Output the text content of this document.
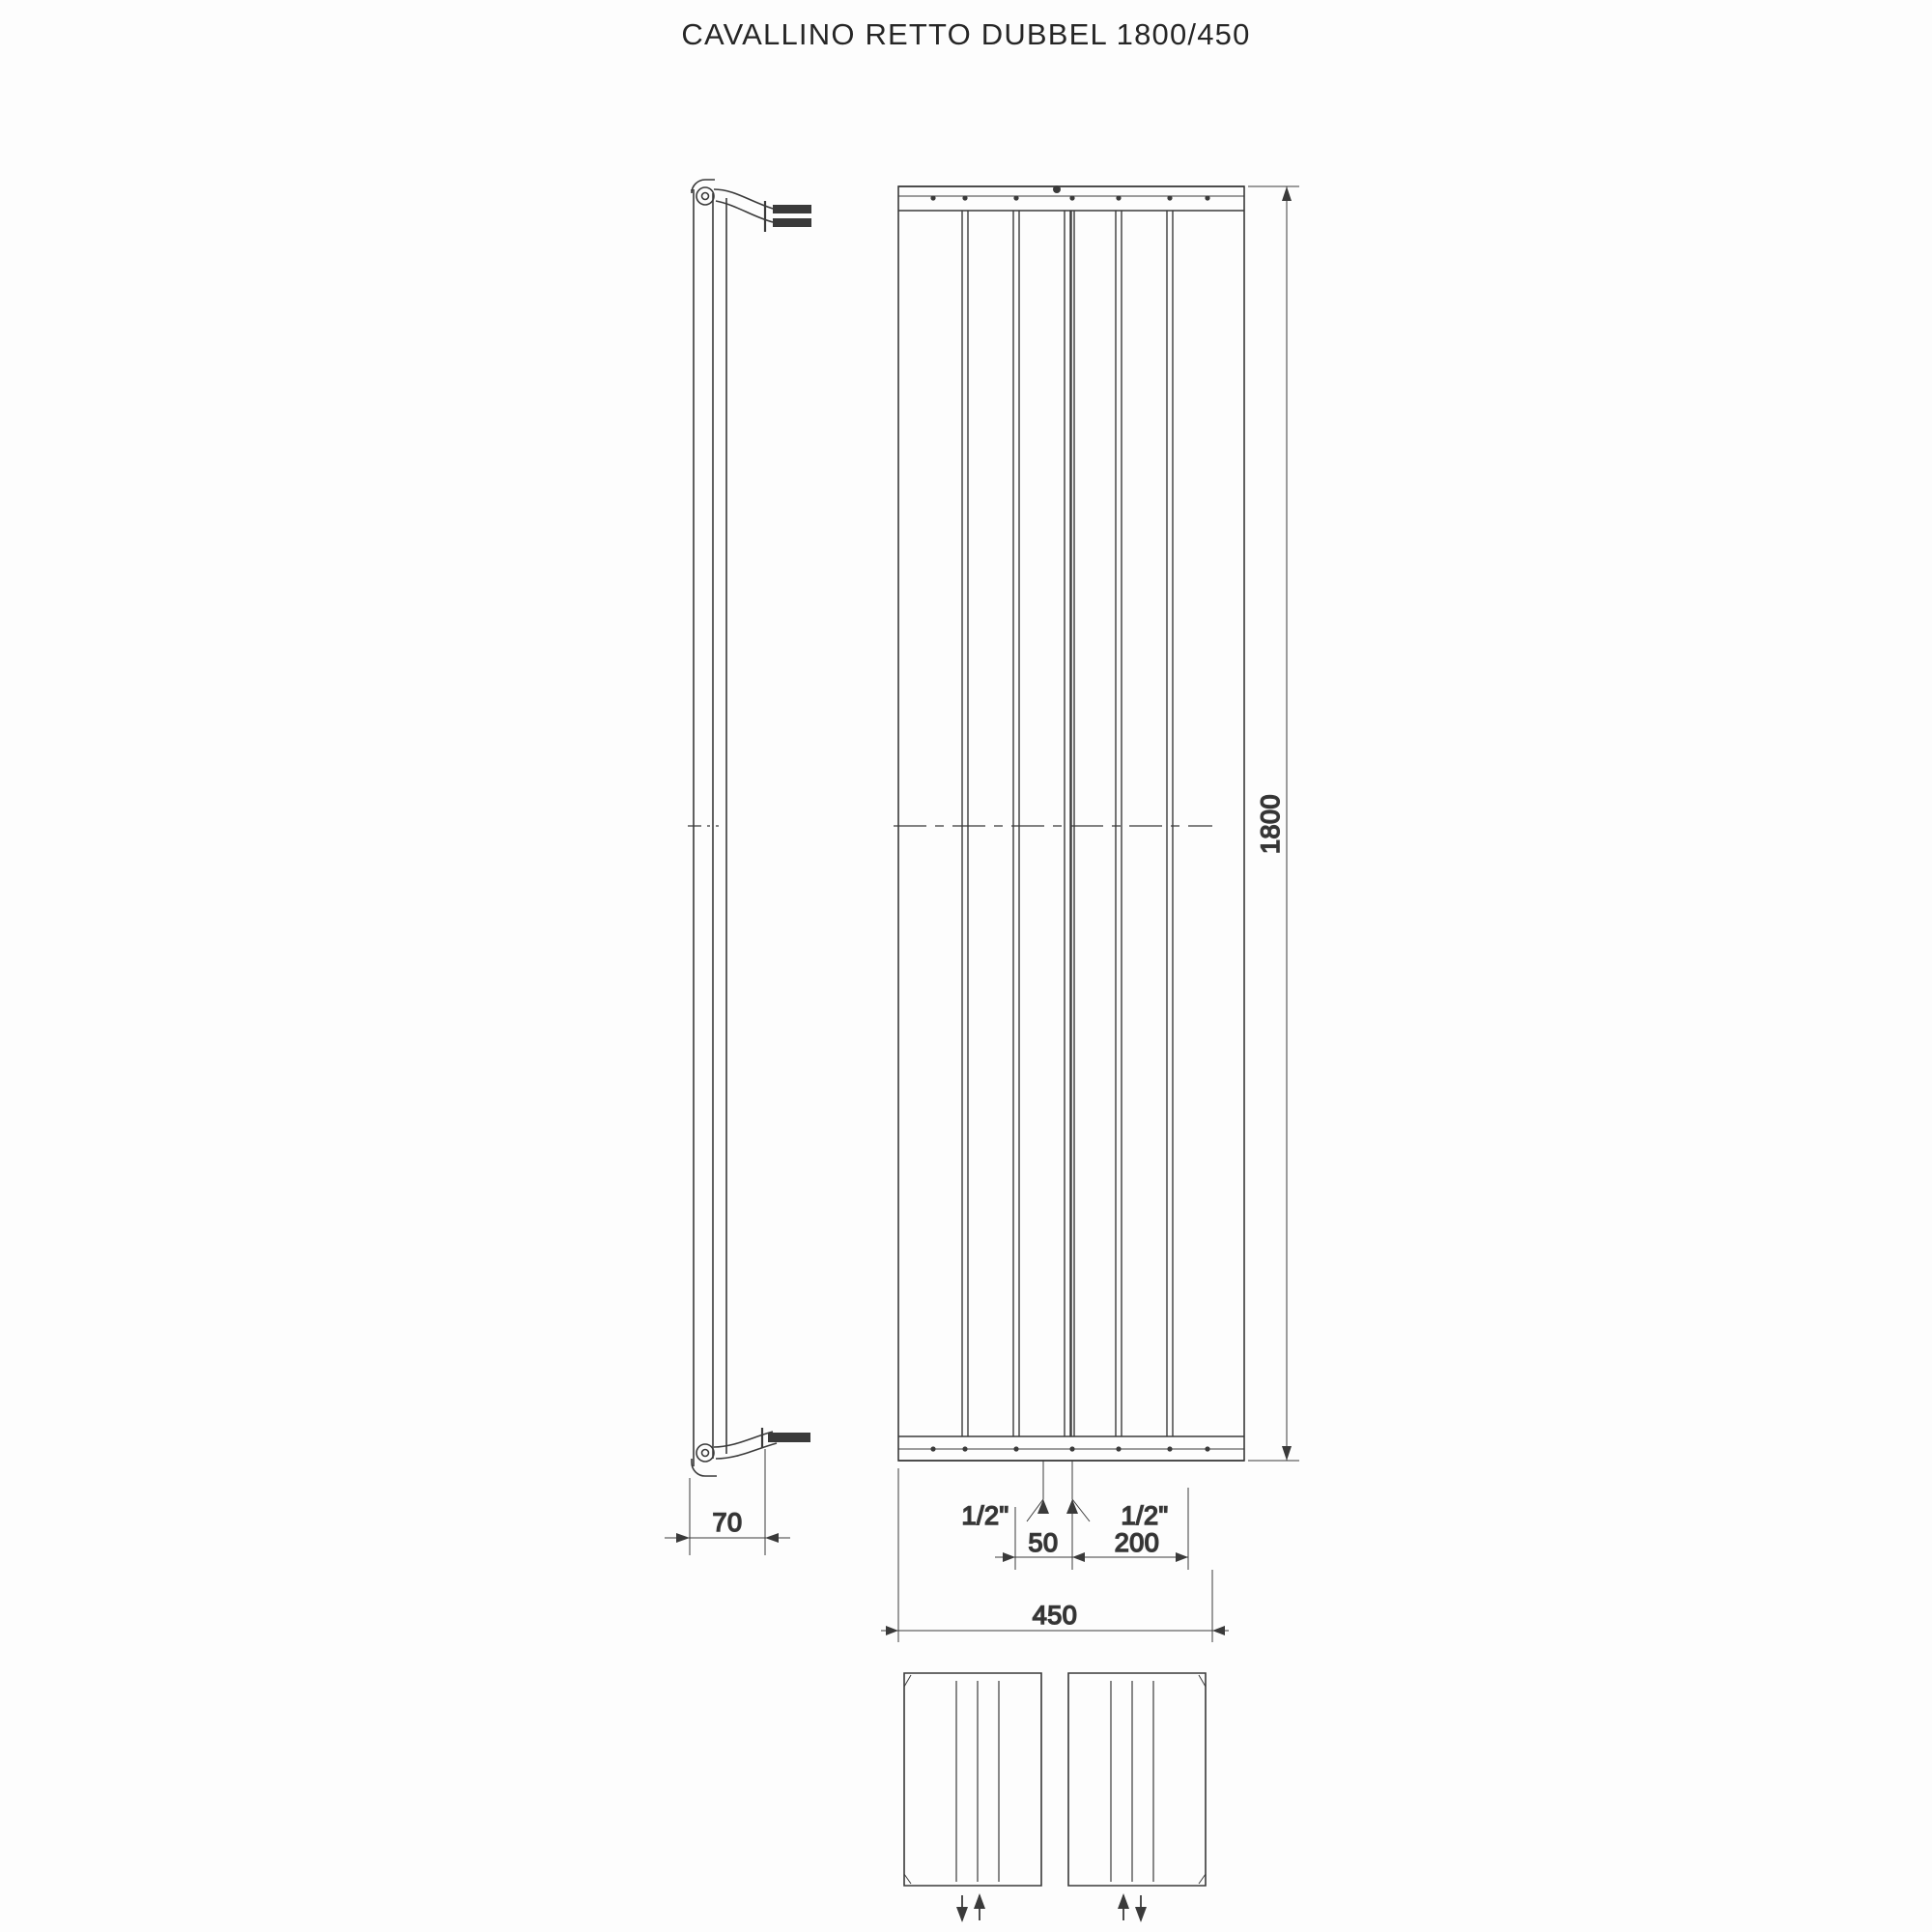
CAVALLINO RETTO DUBBEL 1800/450
70
1800
1/2"	1/2"
50 200
450
